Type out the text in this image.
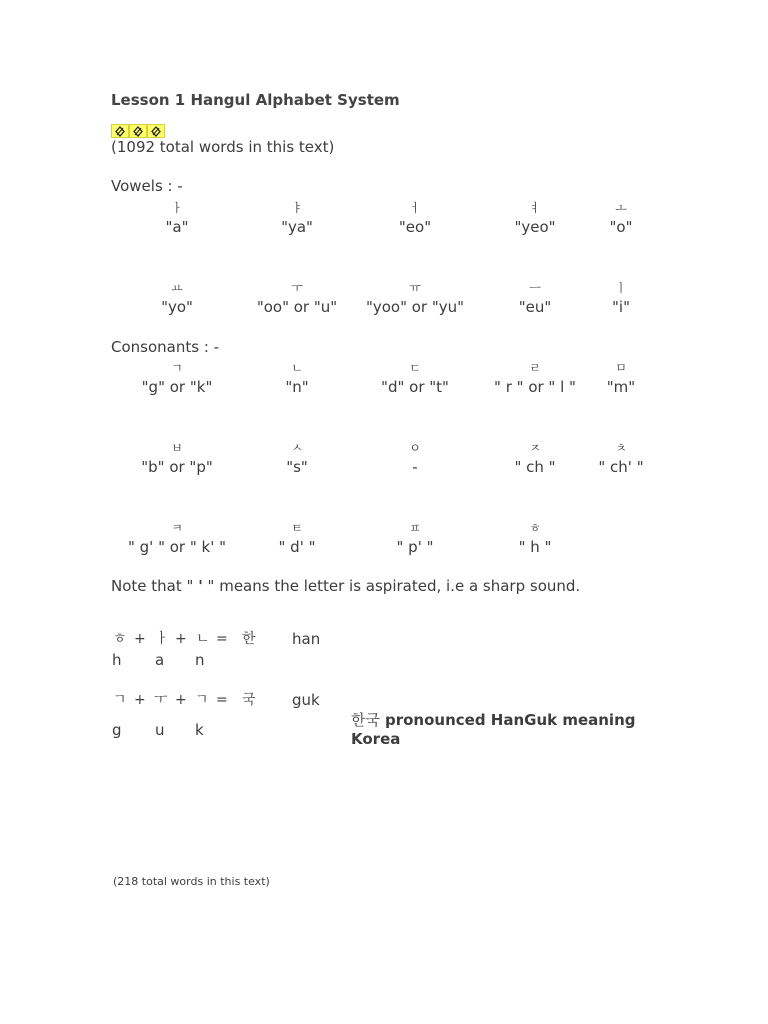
Lesson 1 Hangul Alphabet System
(1092 total words in this text)
Vowels : -
ㅏ
"a"
ㅑ
"ya"
ㅓ
"eo"
ㅕ
"yeo"
ㅗ
"o"
ㅛ
"yo"
ㅜ
"oo" or "u"
ㅠ
"yoo" or "yu"
ㅡ
"eu"
ㅣ
"i"
Consonants : -
ㄱ
"g" or "k"
ㄴ
"n"
ㄷ
"d" or "t"
ㄹ
" r " or " l "
ㅁ
"m"
ㅂ
"b" or "p"
ㅅ
"s"
ㅇ
-
ㅈ
" ch "
ㅊ
" ch' "
ㅋ
" g' " or " k' "
ㅌ
" d' "
ㅍ
" p' "
ㅎ
" h "
Note that " ' " means the letter is aspirated, i.e a sharp sound.
ㅎ + ㅏ + ㄴ = 한 han
h a n
ㄱ + ㅜ + ㄱ = 국 guk
g u k
한국 pronounced HanGuk meaning Korea
(218 total words in this text)
